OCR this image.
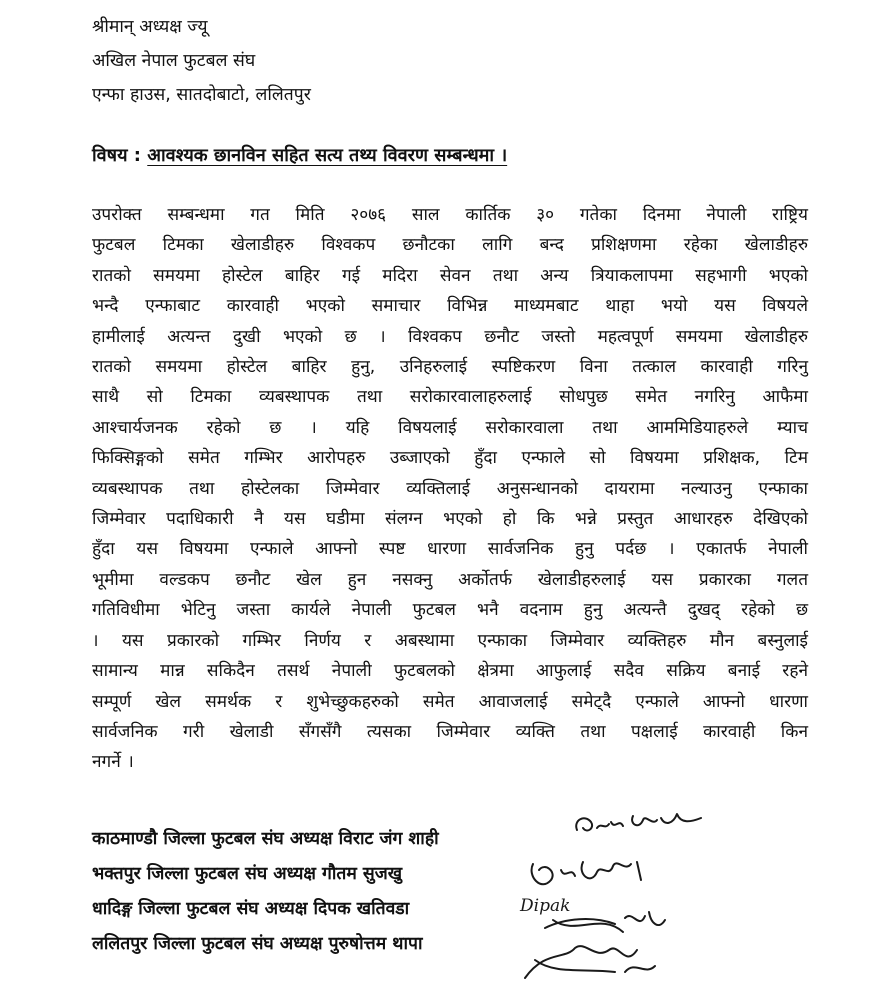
श्रीमान् अध्यक्ष ज्यू
अखिल नेपाल फुटबल संघ
एन्फा हाउस, सातदोबाटो, ललितपुर
विषय : आवश्यक छानविन सहित सत्य तथ्य विवरण सम्बन्धमा ।
उपरोक्त सम्बन्धमा गत मिति २०७६ साल कार्तिक ३० गतेका दिनमा नेपाली राष्ट्रिय
फुटबल टिमका खेलाडीहरु विश्वकप छनौटका लागि बन्द प्रशिक्षणमा रहेका खेलाडीहरु
रातको समयमा होस्टेल बाहिर गई मदिरा सेवन तथा अन्य त्रियाकलापमा सहभागी भएको
भन्दै एन्फाबाट कारवाही भएको समाचार विभिन्न माध्यमबाट थाहा भयो यस विषयले
हामीलाई अत्यन्त दुखी भएको छ । विश्वकप छनौट जस्तो महत्वपूर्ण समयमा खेलाडीहरु
रातको समयमा होस्टेल बाहिर हुनु, उनिहरुलाई स्पष्टिकरण विना तत्काल कारवाही गरिनु
साथै सो टिमका व्यबस्थापक तथा सरोकारवालाहरुलाई सोधपुछ समेत नगरिनु आफैमा
आश्चार्यजनक रहेको छ । यहि विषयलाई सरोकारवाला तथा आममिडियाहरुले म्याच
फिक्सिङ्गको समेत गम्भिर आरोपहरु उब्जाएको हुँदा एन्फाले सो विषयमा प्रशिक्षक, टिम
व्यबस्थापक तथा होस्टेलका जिम्मेवार व्यक्तिलाई अनुसन्धानको दायरामा नल्याउनु एन्फाका
जिम्मेवार पदाधिकारी नै यस घडीमा संलग्न भएको हो कि भन्ने प्रस्तुत आधारहरु देखिएको
हुँदा यस विषयमा एन्फाले आफ्नो स्पष्ट धारणा सार्वजनिक हुनु पर्दछ । एकातर्फ नेपाली
भूमीमा वल्डकप छनौट खेल हुन नसक्नु अर्कोतर्फ खेलाडीहरुलाई यस प्रकारका गलत
गतिविधीमा भेटिनु जस्ता कार्यले नेपाली फुटबल भनै वदनाम हुनु अत्यन्तै दुखद् रहेको छ
। यस प्रकारको गम्भिर निर्णय र अबस्थामा एन्फाका जिम्मेवार व्यक्तिहरु मौन बस्नुलाई
सामान्य मान्न सकिदैन तसर्थ नेपाली फुटबलको क्षेत्रमा आफुलाई सदैव सक्रिय बनाई रहने
सम्पूर्ण खेल समर्थक र शुभेच्छुकहरुको समेत आवाजलाई समेट्दै एन्फाले आफ्नो धारणा
सार्वजनिक गरी खेलाडी सँगसँगै त्यसका जिम्मेवार व्यक्ति तथा पक्षलाई कारवाही किन
नगर्ने ।
काठमाण्डौ जिल्ला फुटबल संघ अध्यक्ष विराट जंग शाही
भक्तपुर जिल्ला फुटबल संघ अध्यक्ष गौतम सुजखु
धादिङ्ग जिल्ला फुटबल संघ अध्यक्ष दिपक खतिवडा
ललितपुर जिल्ला फुटबल संघ अध्यक्ष पुरुषोत्तम थापा
Dipak
